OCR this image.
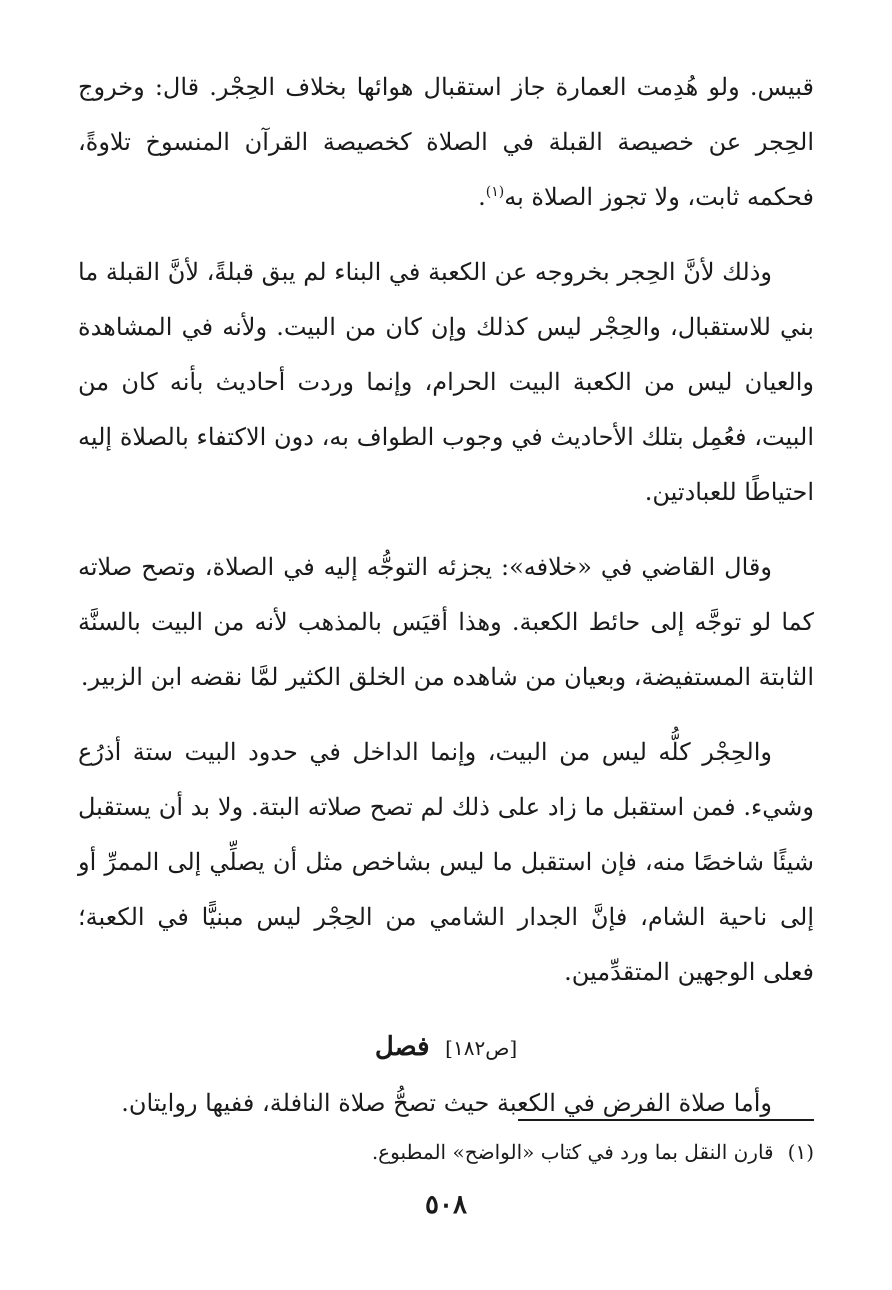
قبيس. ولو هُدِمت العمارة جاز استقبال هوائها بخلاف الحِجْر. قال: وخروج الحِجر عن خصيصة القبلة في الصلاة كخصيصة القرآن المنسوخ تلاوةً، فحكمه ثابت، ولا تجوز الصلاة به$^{(١)}$.

وذلك لأنَّ الحِجر بخروجه عن الكعبة في البناء لم يبق قبلةً، لأنَّ القبلة ما بني للاستقبال، والحِجْر ليس كذلك وإن كان من البيت. ولأنه في المشاهدة والعيان ليس من الكعبة البيت الحرام، وإنما وردت أحاديث بأنه كان من البيت، فعُمِل بتلك الأحاديث في وجوب الطواف به، دون الاكتفاء بالصلاة إليه احتياطًا للعبادتين.

وقال القاضي في «خلافه»: يجزئه التوجُّه إليه في الصلاة، وتصح صلاته كما لو توجَّه إلى حائط الكعبة. وهذا أقيَس بالمذهب لأنه من البيت بالسنَّة الثابتة المستفيضة، وبعيان من شاهده من الخلق الكثير لمَّا نقضه ابن الزبير.

والحِجْر كلُّه ليس من البيت، وإنما الداخل في حدود البيت ستة أذرُع وشيء. فمن استقبل ما زاد على ذلك لم تصح صلاته البتة. ولا بد أن يستقبل شيئًا شاخصًا منه، فإن استقبل ما ليس بشاخص مثل أن يصلِّي إلى الممرِّ أو إلى ناحية الشام، فإنَّ الجدار الشامي من الحِجْر ليس مبنيًّا في الكعبة؛ فعلى الوجهين المتقدِّمين.

[ص١٨٢] فصل

وأما صلاة الفرض في الكعبة حيث تصحُّ صلاة النافلة، ففيها روايتان.

(١)قارن النقل بما ورد في كتاب «الواضح» المطبوع.
٥٠٨
